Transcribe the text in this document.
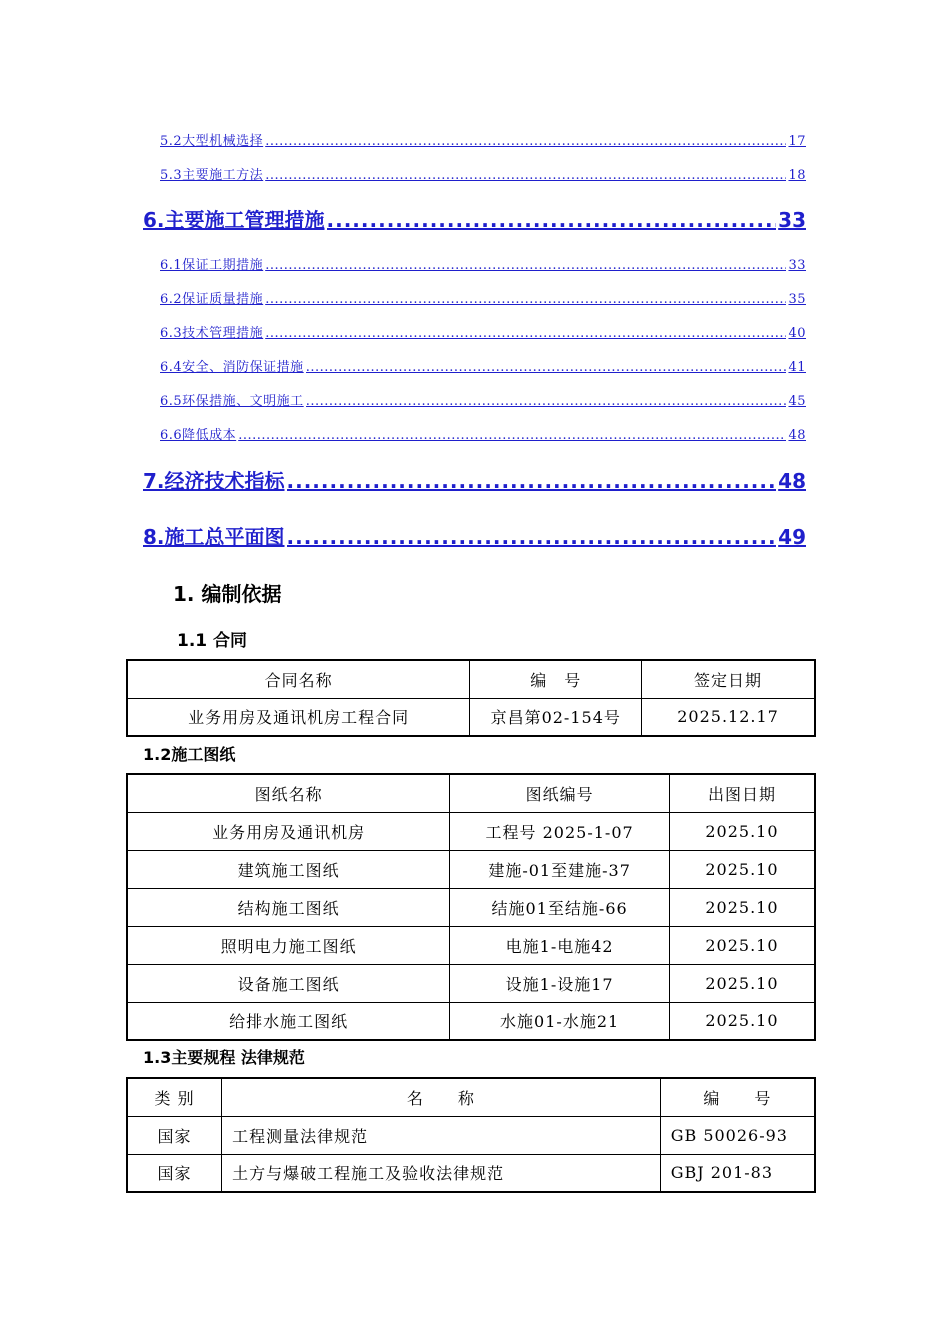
5.2大型机械选择 .....	17
5.3主要施工方法 .....	18
6.主要施工管理措施 .....	33
6.1保证工期措施 .....	33
6.2保证质量措施 .....	35
6.3技术管理措施 .....	40
6.4安全、消防保证措施 .....	41
6.5环保措施、文明施工 .....	45
6.6降低成本 .....	48
7.经济技术指标 .....	48
8.施工总平面图 .....	49
1. 编制依据
1.1 合同
合同名称	编　号	签定日期
业务用房及通讯机房工程合同	京昌第02-154号	2025.12.17
1.2施工图纸
图纸名称	图纸编号	出图日期
业务用房及通讯机房	工程号 2025-1-07	2025.10
建筑施工图纸	建施-01至建施-37	2025.10
结构施工图纸	结施01至结施-66	2025.10
照明电力施工图纸	电施1-电施42	2025.10
设备施工图纸	设施1-设施17	2025.10
给排水施工图纸	水施01-水施21	2025.10
1.3主要规程 法律规范
类 别	名　　称	编　　号
国家	工程测量法律规范	GB 50026-93
国家	土方与爆破工程施工及验收法律规范	GBJ 201-83
